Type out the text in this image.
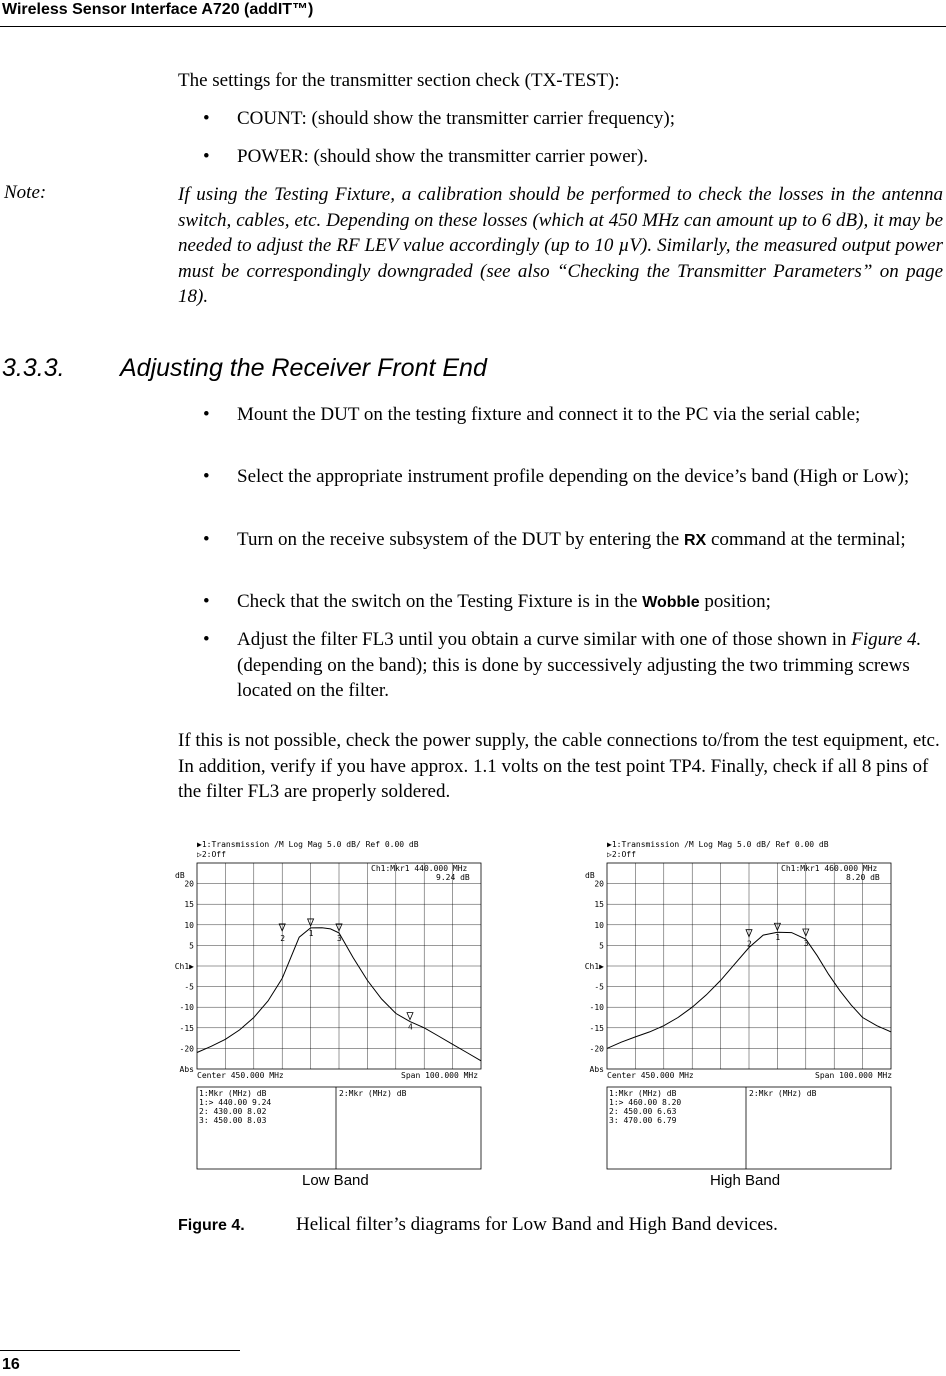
Wireless Sensor Interface A720 (addIT™)

The settings for the transmitter section check (TX-TEST):

• COUNT: (should show the transmitter carrier frequency);
• POWER: (should show the transmitter carrier power).
Note:	If using the Testing Fixture, a calibration should be performed to check the losses in the antenna switch, cables, etc. Depending on these losses (which at 450 MHz can amount up to 6 dB), it may be needed to adjust the RF LEV value accordingly (up to 10 µV). Similarly, the measured output power must be correspondingly downgraded (see also “Checking the Transmitter Parameters” on page 18).

3.3.3. Adjusting the Receiver Front End
• Mount the DUT on the testing fixture and connect it to the PC via the serial cable;
• Select the appropriate instrument profile depending on the device’s band (High or Low);
• Turn on the receive subsystem of the DUT by entering the RX command at the terminal;
• Check that the switch on the Testing Fixture is in the Wobble position;
• Adjust the filter FL3 until you obtain a curve similar with one of those shown in Figure 4. (depending on the band); this is done by successively adjusting the two trimming screws located on the filter.

If this is not possible, check the power supply, the cable connections to/from the test equipment, etc. In addition, verify if you have approx. 1.1 volts on the test point TP4. Finally, check if all 8 pins of the filter FL3 are properly soldered.

▶1:Transmission /M Log Mag 5.0 dB/ Ref 0.00 dB
▷2:Off
dB
20
15
10
5
Ch1▶
-5
-10
-15
-20
Abs
1
2	3
4
Ch1:Mkr1 440.000 MHz
9.24 dB
Center 450.000 MHz	Span 100.000 MHz
1:Mkr (MHz) dB	2:Mkr (MHz) dB
1:> 440.00 9.24
2: 430.00 8.02
3: 450.00 8.03
Low Band
▶1:Transmission /M Log Mag 5.0 dB/ Ref 0.00 dB
▷2:Off
dB
20
15
10
5
Ch1▶
-5
-10
-15
-20
Abs
1
2	3
Ch1:Mkr1 460.000 MHz
8.20 dB
Center 450.000 MHz	Span 100.000 MHz
1:Mkr (MHz) dB	2:Mkr (MHz) dB
1:> 460.00 8.20
2: 450.00 6.63
3: 470.00 6.79
High Band
Figure 4.	Helical filter’s diagrams for Low Band and High Band devices.
16
